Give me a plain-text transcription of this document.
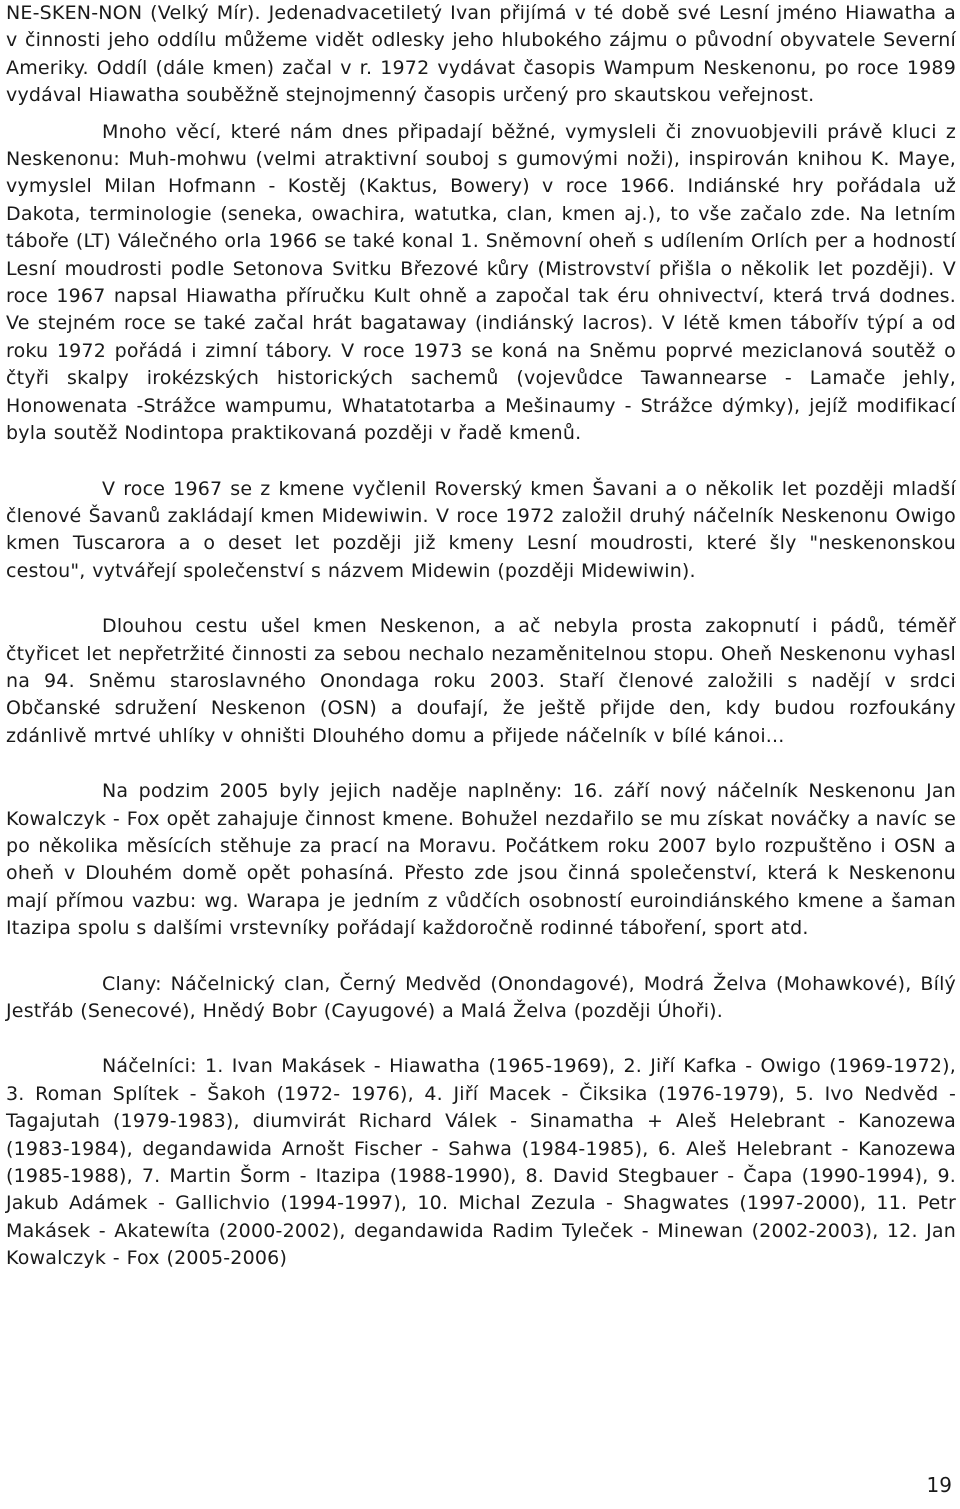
NE-SKEN-NON (Velký Mír). Jedenadvacetiletý Ivan přijímá v té době své Lesní jméno Hiawatha a v činnosti jeho oddílu můžeme vidět odlesky jeho hlubokého zájmu o původní obyvatele Severní Ameriky. Oddíl (dále kmen) začal v r. 1972 vydávat časopis Wampum Neskenonu, po roce 1989 vydával Hiawatha souběžně stejnojmenný časopis určený pro skautskou veřejnost.

Mnoho věcí, které nám dnes připadají běžné, vymysleli či znovuobjevili právě kluci z Neskenonu: Muh-mohwu (velmi atraktivní souboj s gumovými noži), inspirován knihou K. Maye, vymyslel Milan Hofmann - Kostěj (Kaktus, Bowery) v roce 1966. Indiánské hry pořádala už Dakota, terminologie (seneka, owachira, watutka, clan, kmen aj.), to vše začalo zde. Na letním táboře (LT) Válečného orla 1966 se také konal 1. Sněmovní oheň s udílením Orlích per a hodností Lesní moudrosti podle Setonova Svitku Březové kůry (Mistrovství přišla o několik let později). V roce 1967 napsal Hiawatha příručku Kult ohně a započal tak éru ohnivectví, která trvá dodnes. Ve stejném roce se také začal hrát bagataway (indiánský lacros). V létě kmen tábořív týpí a od roku 1972 pořádá i zimní tábory. V roce 1973 se koná na Sněmu poprvé meziclanová soutěž o čtyři skalpy irokézských historických sachemů (vojevůdce Tawannearse - Lamače jehly, Honowenata -Strážce wampumu, Whatatotarba a Mešinaumy - Strážce dýmky), jejíž modifikací byla soutěž Nodintopa praktikovaná později v řadě kmenů.

V roce 1967 se z kmene vyčlenil Roverský kmen Šavani a o několik let později mladší členové Šavanů zakládají kmen Midewiwin. V roce 1972 založil druhý náčelník Neskenonu Owigo kmen Tuscarora a o deset let později již kmeny Lesní moudrosti, které šly "neskenonskou cestou", vytvářejí společenství s názvem Midewin (později Midewiwin).

Dlouhou cestu ušel kmen Neskenon, a ač nebyla prosta zakopnutí i pádů, téměř čtyřicet let nepřetržité činnosti za sebou nechalo nezaměnitelnou stopu. Oheň Neskenonu vyhasl na 94. Sněmu staroslavného Onondaga roku 2003. Staří členové založili s nadějí v srdci Občanské sdružení Neskenon (OSN) a doufají, že ještě přijde den, kdy budou rozfoukány zdánlivě mrtvé uhlíky v ohništi Dlouhého domu a přijede náčelník v bílé kánoi...

Na podzim 2005 byly jejich naděje naplněny: 16. září nový náčelník Neskenonu Jan Kowalczyk - Fox opět zahajuje činnost kmene. Bohužel nezdařilo se mu získat nováčky a navíc se po několika měsících stěhuje za prací na Moravu. Počátkem roku 2007 bylo rozpuštěno i OSN a oheň v Dlouhém domě opět pohasíná. Přesto zde jsou činná společenství, která k Neskenonu mají přímou vazbu: wg. Warapa je jedním z vůdčích osobností euroindiánského kmene a šaman Itazipa spolu s dalšími vrstevníky pořádají každoročně rodinné táboření, sport atd.

Clany: Náčelnický clan, Černý Medvěd (Onondagové), Modrá Želva (Mohawkové), Bílý Jestřáb (Senecové), Hnědý Bobr (Cayugové) a Malá Želva (později Úhoři).

Náčelníci: 1. Ivan Makásek - Hiawatha (1965-1969), 2. Jiří Kafka - Owigo (1969-1972), 3. Roman Splítek - Šakoh (1972- 1976), 4. Jiří Macek - Čiksika (1976-1979), 5. Ivo Nedvěd - Tagajutah (1979-1983), diumvirát Richard Válek - Sinamatha + Aleš Helebrant - Kanozewa (1983-1984), degandawida Arnošt Fischer - Sahwa (1984-1985), 6. Aleš Helebrant - Kanozewa (1985-1988), 7. Martin Šorm - Itazipa (1988-1990), 8. David Stegbauer - Čapa (1990-1994), 9. Jakub Adámek - Gallichvio (1994-1997), 10. Michal Zezula - Shagwates (1997-2000), 11. Petr Makásek - Akatewíta (2000-2002), degandawida Radim Tyleček - Minewan (2002-2003), 12. Jan Kowalczyk - Fox (2005-2006)

19
